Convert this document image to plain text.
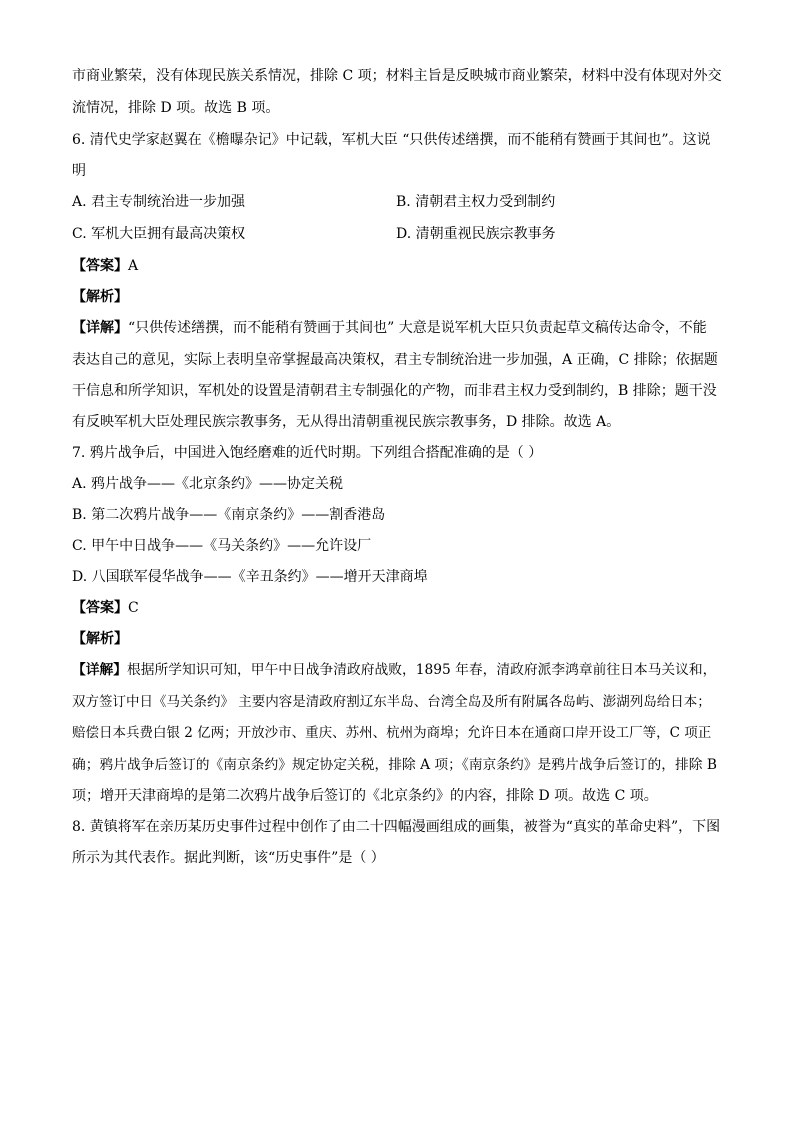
市商业繁荣，没有体现民族关系情况，排除 C 项；材料主旨是反映城市商业繁荣，材料中没有体现对外交
流情况，排除 D 项。故选 B 项。
6. 清代史学家赵翼在《檐曝杂记》中记载，军机大臣 “只供传述缮撰，而不能稍有赞画于其间也”。这说
明
A. 君主专制统治进一步加强	B. 清朝君主权力受到制约
C. 军机大臣拥有最高决策权	D. 清朝重视民族宗教事务
【答案】A
【解析】
【详解】“只供传述缮撰，而不能稍有赞画于其间也” 大意是说军机大臣只负责起草文稿传达命令，不能
表达自己的意见，实际上表明皇帝掌握最高决策权，君主专制统治进一步加强，A 正确，C 排除；依据题
干信息和所学知识，军机处的设置是清朝君主专制强化的产物，而非君主权力受到制约，B 排除；题干没
有反映军机大臣处理民族宗教事务，无从得出清朝重视民族宗教事务，D 排除。故选 A。
7. 鸦片战争后，中国进入饱经磨难的近代时期。下列组合搭配准确的是（ ）
A. 鸦片战争——《北京条约》——协定关税
B. 第二次鸦片战争——《南京条约》——割香港岛
C. 甲午中日战争——《马关条约》——允许设厂
D. 八国联军侵华战争——《辛丑条约》——增开天津商埠
【答案】C
【解析】
【详解】根据所学知识可知，甲午中日战争清政府战败，1895 年春，清政府派李鸿章前往日本马关议和，
双方签订中日《马关条约》 主要内容是清政府割辽东半岛、台湾全岛及所有附属各岛屿、澎湖列岛给日本；
赔偿日本兵费白银 2 亿两；开放沙市、重庆、苏州、杭州为商埠；允许日本在通商口岸开设工厂等，C 项正
确；鸦片战争后签订的《南京条约》规定协定关税，排除 A 项；《南京条约》是鸦片战争后签订的，排除 B
项；增开天津商埠的是第二次鸦片战争后签订的《北京条约》的内容，排除 D 项。故选 C 项。
8. 黄镇将军在亲历某历史事件过程中创作了由二十四幅漫画组成的画集，被誉为“真实的革命史料”，下图
所示为其代表作。据此判断，该“历史事件”是（ ）
